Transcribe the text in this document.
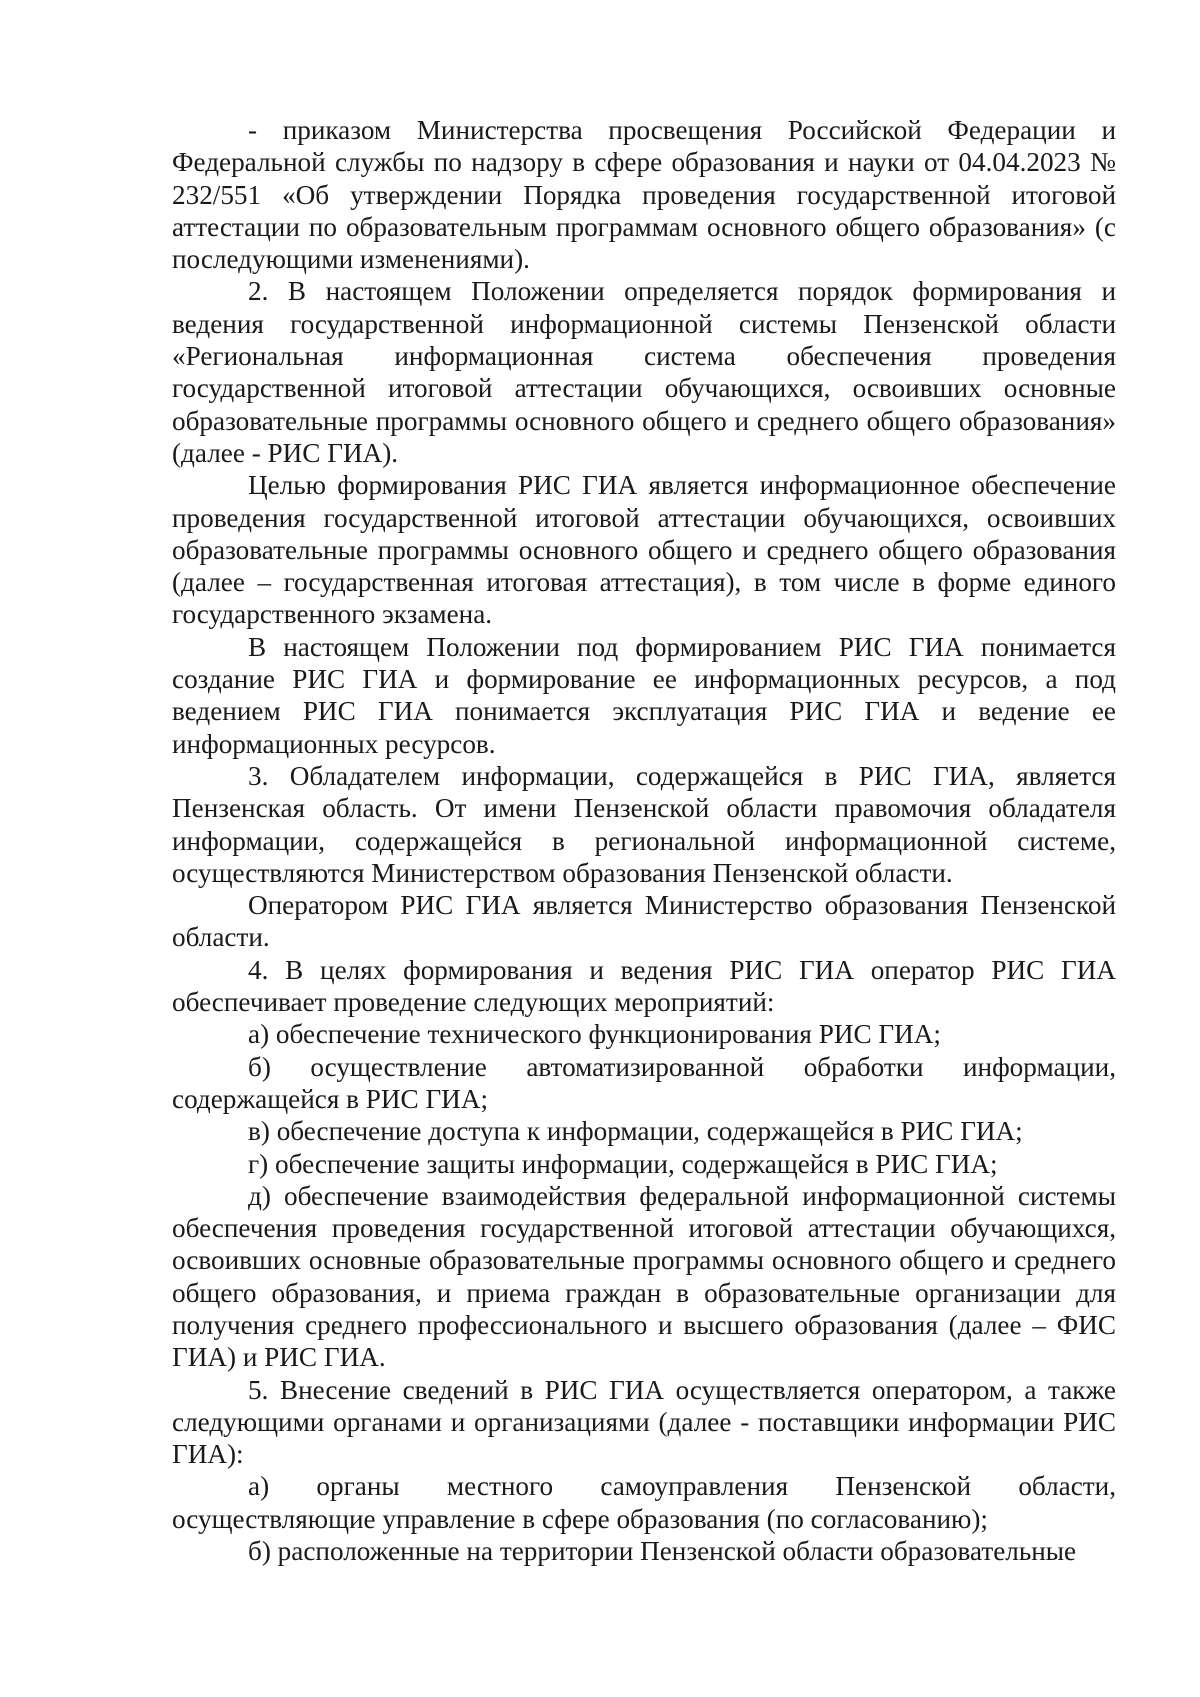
- приказом Министерства просвещения Российской Федерации и Федеральной службы по надзору в сфере образования и науки от 04.04.2023 № 232/551 «Об утверждении Порядка проведения государственной итоговой аттестации по образовательным программам основного общего образования» (с последующими изменениями).

2. В настоящем Положении определяется порядок формирования и ведения государственной информационной системы Пензенской области «Региональная информационная система обеспечения проведения государственной итоговой аттестации обучающихся, освоивших основные образовательные программы основного общего и среднего общего образования» (далее - РИС ГИА).

Целью формирования РИС ГИА является информационное обеспечение проведения государственной итоговой аттестации обучающихся, освоивших образовательные программы основного общего и среднего общего образования (далее – государственная итоговая аттестация), в том числе в форме единого государственного экзамена.

В настоящем Положении под формированием РИС ГИА понимается создание РИС ГИА и формирование ее информационных ресурсов, а под ведением РИС ГИА понимается эксплуатация РИС ГИА и ведение ее информационных ресурсов.

3. Обладателем информации, содержащейся в РИС ГИА, является Пензенская область. От имени Пензенской области правомочия обладателя информации, содержащейся в региональной информационной системе, осуществляются Министерством образования Пензенской области.

Оператором РИС ГИА является Министерство образования Пензенской области.

4. В целях формирования и ведения РИС ГИА оператор РИС ГИА обеспечивает проведение следующих мероприятий:

а) обеспечение технического функционирования РИС ГИА;

б) осуществление автоматизированной обработки информации, содержащейся в РИС ГИА;

в) обеспечение доступа к информации, содержащейся в РИС ГИА;

г) обеспечение защиты информации, содержащейся в РИС ГИА;

д) обеспечение взаимодействия федеральной информационной системы обеспечения проведения государственной итоговой аттестации обучающихся, освоивших основные образовательные программы основного общего и среднего общего образования, и приема граждан в образовательные организации для получения среднего профессионального и высшего образования (далее – ФИС ГИА) и РИС ГИА.

5. Внесение сведений в РИС ГИА осуществляется оператором, а также следующими органами и организациями (далее - поставщики информации РИС ГИА):

а) органы местного самоуправления Пензенской области, осуществляющие управление в сфере образования (по согласованию);

б) расположенные на территории Пензенской области образовательные
